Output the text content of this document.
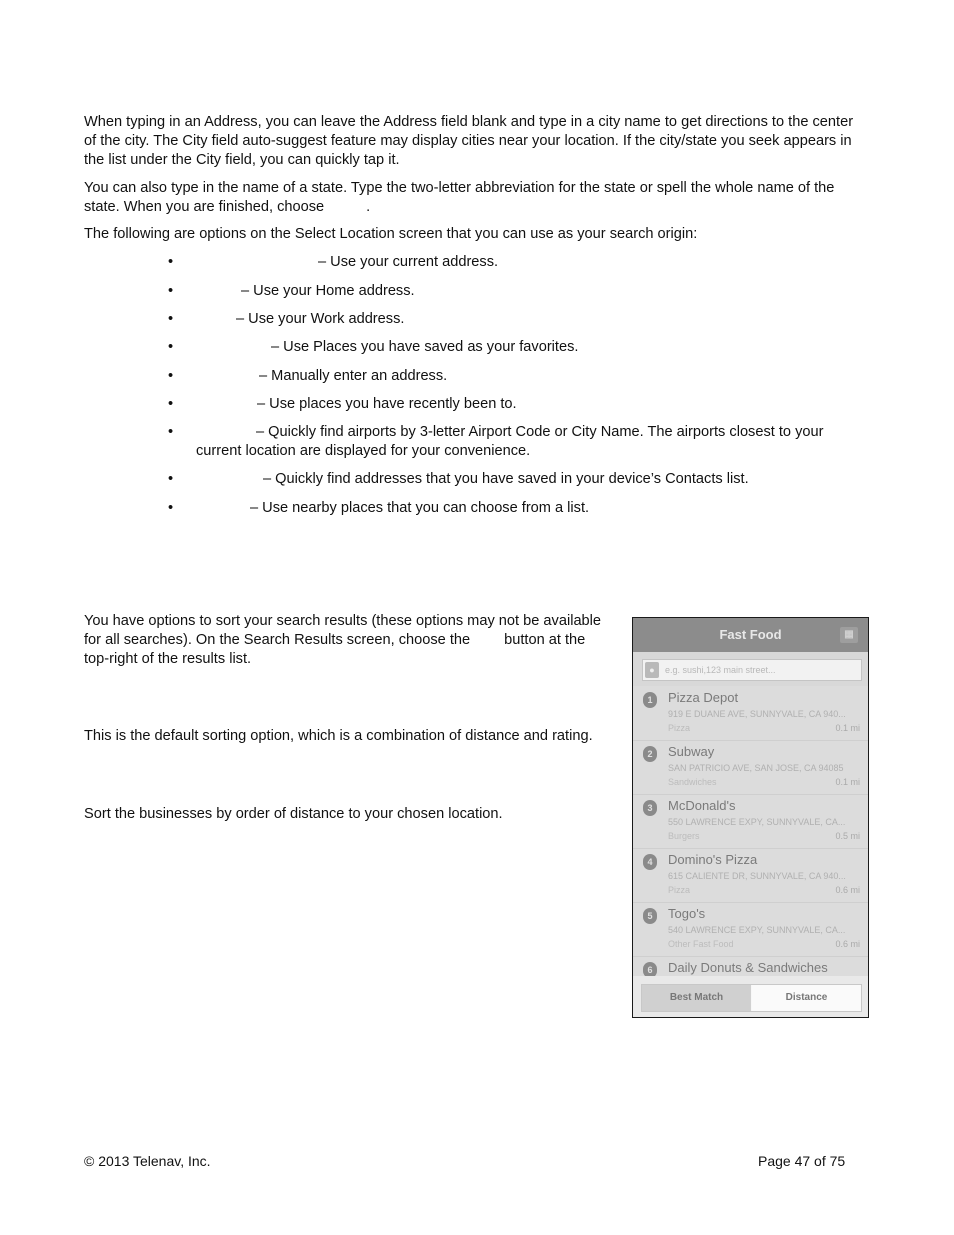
When typing in an Address, you can leave the Address field blank and type in a city name to get directions to the center of the city. The City field auto-suggest feature may display cities near your location. If the city/state you seek appears in the list under the City field, you can quickly tap it.

You can also type in the name of a state. Type the two-letter abbreviation for the state or spell the whole name of the state. When you are finished, choose	.

The following are options on the Select Location screen that you can use as your search origin:

•	– Use your current address.
•	– Use your Home address.
•	– Use your Work address.
•	– Use Places you have saved as your favorites.
•	– Manually enter an address.
•	– Use places you have recently been to.
•	– Quickly find airports by 3-letter Airport Code or City Name. The airports closest to your current location are displayed for your convenience.
•	– Quickly find addresses that you have saved in your device’s Contacts list.
•	– Use nearby places that you can choose from a list.

You have options to sort your search results (these options may not be available for all searches). On the Search Results screen, choose the button at the top-right of the results list.

This is the default sorting option, which is a combination of distance and rating.

Sort the businesses by order of distance to your chosen location.

Fast Food	▦
●	e.g. sushi,123 main street...
1	Pizza Depot
919 E DUANE AVE, SUNNYVALE, CA 940...
Pizza	0.1 mi
2	Subway
SAN PATRICIO AVE, SAN JOSE, CA 94085
Sandwiches	0.1 mi
3	McDonald's
550 LAWRENCE EXPY, SUNNYVALE, CA...
Burgers	0.5 mi
4	Domino's Pizza
615 CALIENTE DR, SUNNYVALE, CA 940...
Pizza	0.6 mi
5	Togo's
540 LAWRENCE EXPY, SUNNYVALE, CA...
Other Fast Food	0.6 mi
6	Daily Donuts & Sandwiches
Best Match	Distance
© 2013 Telenav, Inc.	Page 47 of 75
